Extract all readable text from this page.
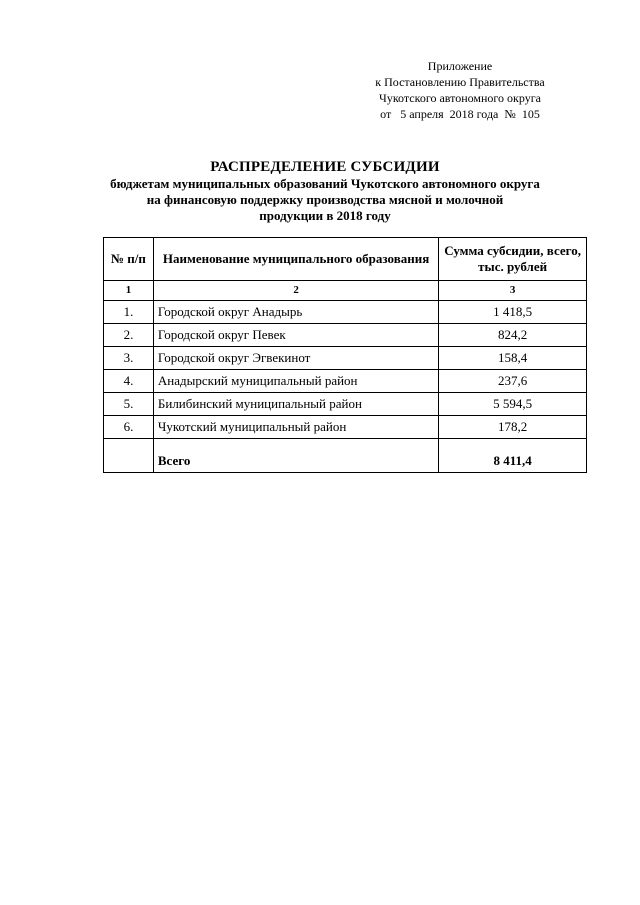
Приложение
к Постановлению Правительства
Чукотского автономного округа
от   5 апреля  2018 года  №  105
РАСПРЕДЕЛЕНИЕ СУБСИДИИ
бюджетам муниципальных образований Чукотского автономного округа
на финансовую поддержку производства мясной и молочной
продукции в 2018 году
№ п/п	Наименование муниципального образования	Сумма субсидии, всего, тыс. рублей
1	2	3
1.	Городской округ Анадырь	1 418,5
2.	Городской округ Певек	824,2
3.	Городской округ Эгвекинот	158,4
4.	Анадырский муниципальный район	237,6
5.	Билибинский муниципальный район	5 594,5
6.	Чукотский муниципальный район	178,2
	Всего	8 411,4
